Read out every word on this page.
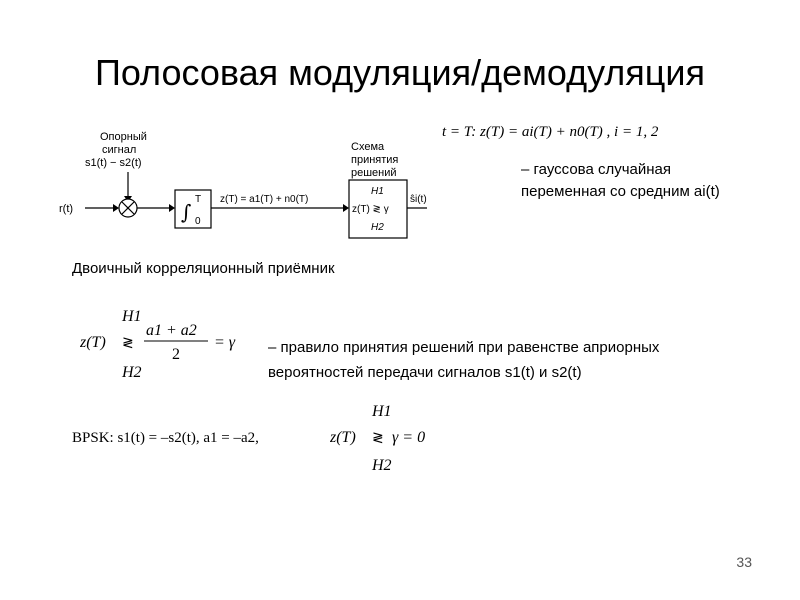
Полосовая модуляция/демодуляция
Опорный
сигнал
s1(t) − s2(t)
r(t)	∫
T
0
z(T) = a1(T) + n0(T)
Схема
принятия
решений
H1
z(T) ≷ γ
H2
ŝi(t)
t = T: z(T) = ai(T) + n0(T) , i = 1, 2
– гауссова случайная
переменная со средним ai(t)
Двоичный корреляционный приёмник
H1
z(T) ≷
a1 + a2
2
= γ
H2
– правило принятия решений при равенстве априорных
вероятностей передачи сигналов s1(t) и s2(t)
BPSK: s1(t) = –s2(t), a1 = –a2,
H1
z(T) ≷ γ = 0
H2
33
